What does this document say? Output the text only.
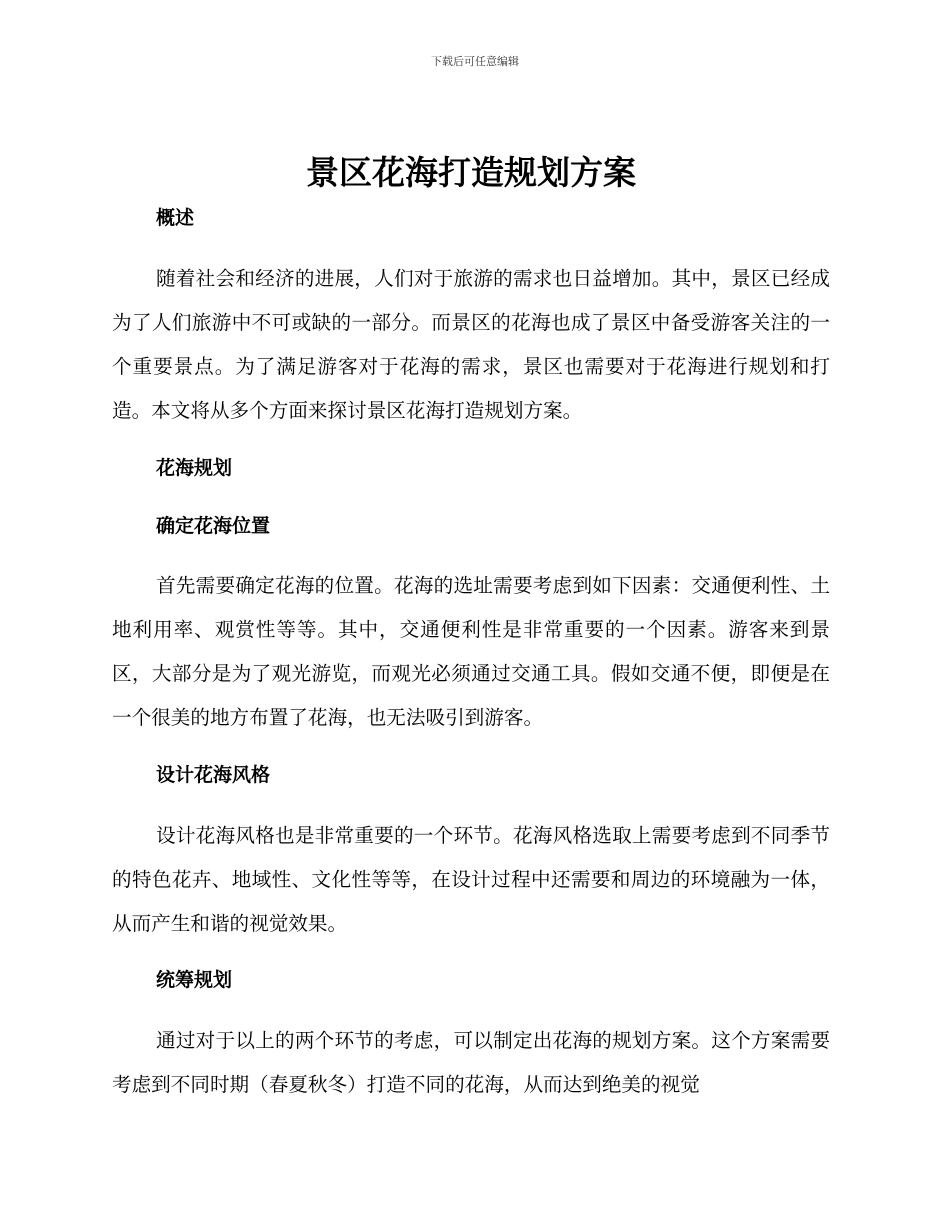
下载后可任意编辑
景区花海打造规划方案
概述

随着社会和经济的进展，人们对于旅游的需求也日益增加。其中，景区已经成为了人们旅游中不可或缺的一部分。而景区的花海也成了景区中备受游客关注的一个重要景点。为了满足游客对于花海的需求，景区也需要对于花海进行规划和打造。本文将从多个方面来探讨景区花海打造规划方案。

花海规划
确定花海位置

首先需要确定花海的位置。花海的选址需要考虑到如下因素：交通便利性、土地利用率、观赏性等等。其中，交通便利性是非常重要的一个因素。游客来到景区，大部分是为了观光游览，而观光必须通过交通工具。假如交通不便，即便是在一个很美的地方布置了花海，也无法吸引到游客。

设计花海风格

设计花海风格也是非常重要的一个环节。花海风格选取上需要考虑到不同季节的特色花卉、地域性、文化性等等，在设计过程中还需要和周边的环境融为一体，从而产生和谐的视觉效果。

统筹规划

通过对于以上的两个环节的考虑，可以制定出花海的规划方案。这个方案需要考虑到不同时期（春夏秋冬）打造不同的花海，从而达到绝美的视觉
